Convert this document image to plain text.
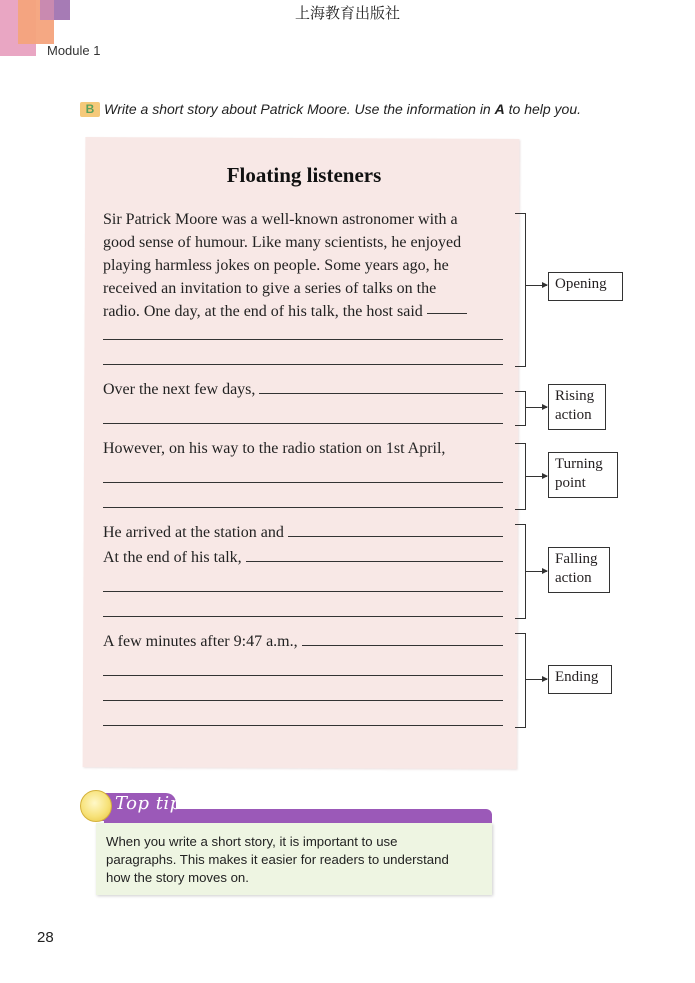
上海教育出版社
Module 1
B Write a short story about Patrick Moore. Use the information in A to help you.
Floating listeners
Sir Patrick Moore was a well-known astronomer with a
good sense of humour. Like many scientists, he enjoyed
playing harmless jokes on people. Some years ago, he
received an invitation to give a series of talks on the
radio. One day, at the end of his talk, the host said
Over the next few days,
However, on his way to the radio station on 1st April,
He arrived at the station and
At the end of his talk,
A few minutes after 9:47 a.m.,
Opening
Rising
action
Turning
point
Falling
action
Ending
Top tip
When you write a short story, it is important to use
paragraphs. This makes it easier for readers to understand
how the story moves on.
28
